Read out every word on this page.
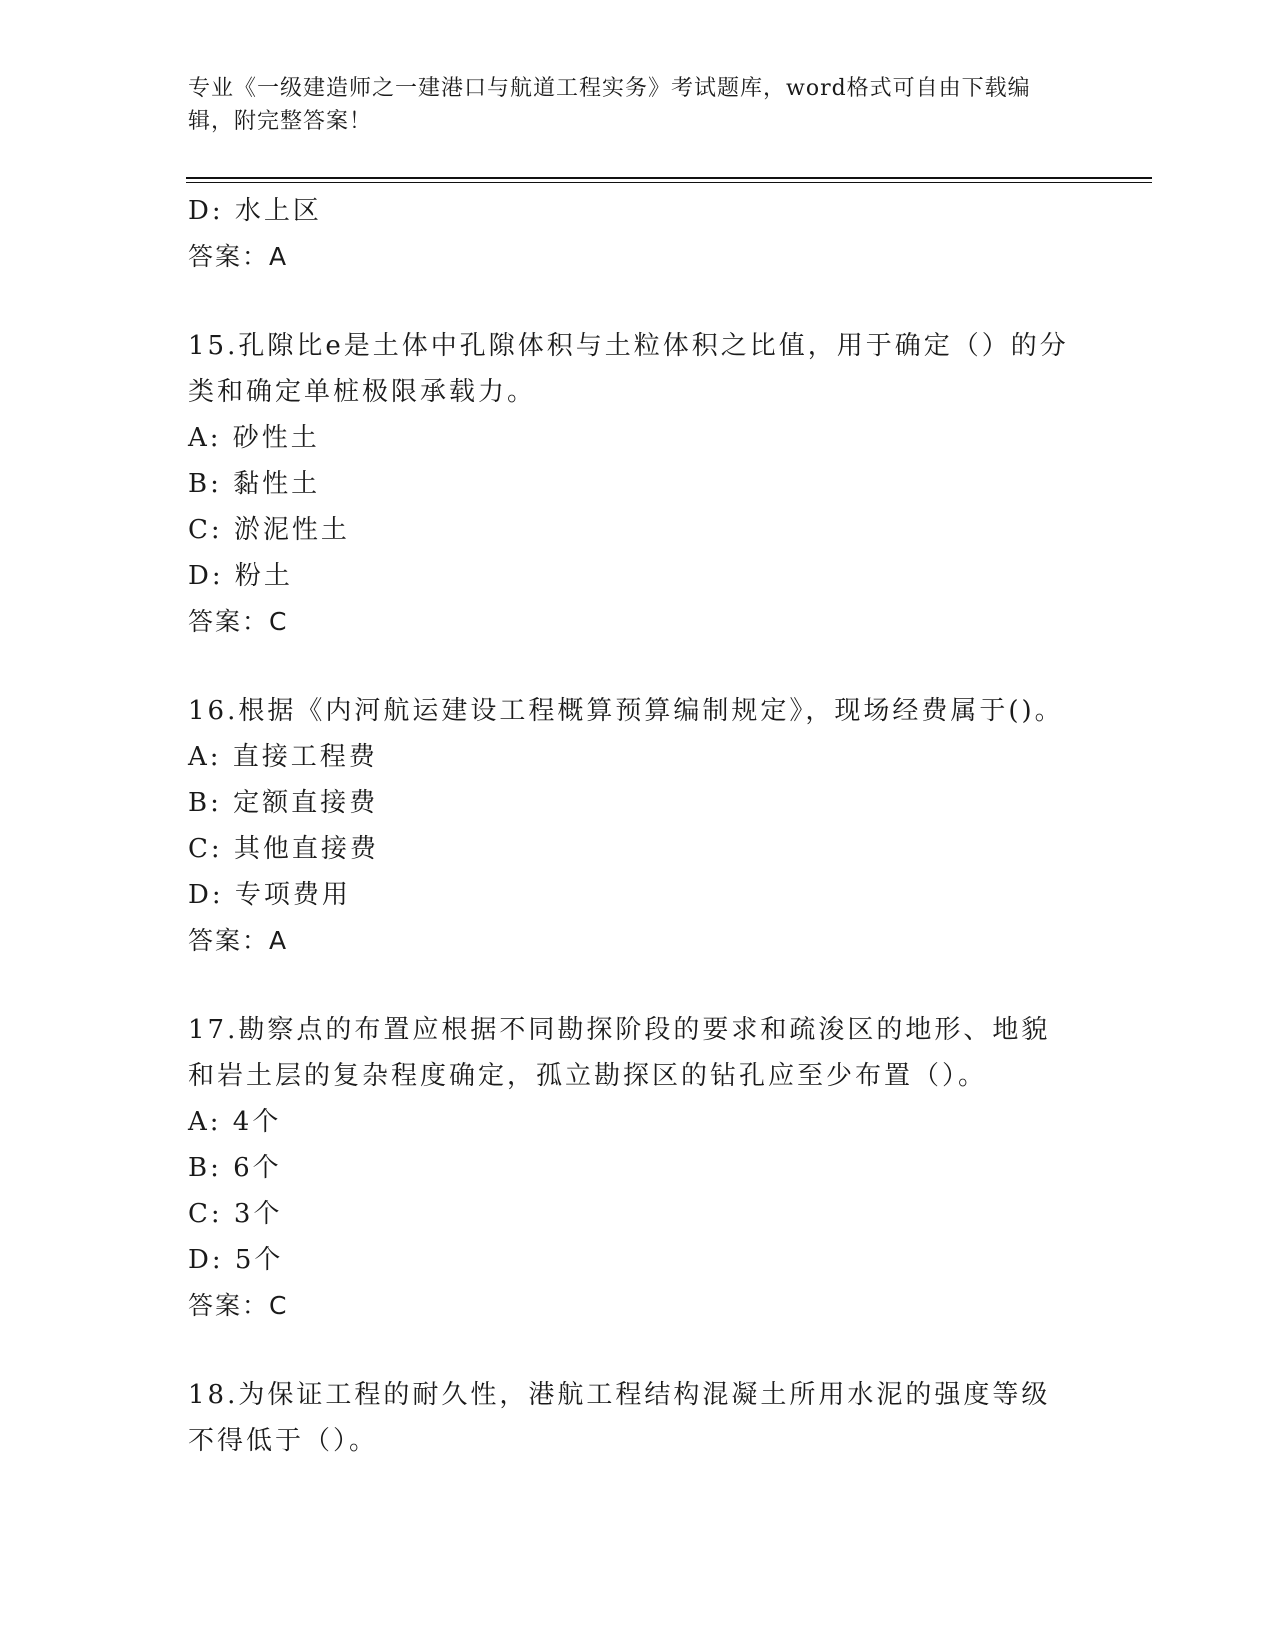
专业《一级建造师之一建港口与航道工程实务》考试题库，word格式可自由下载编辑，附完整答案！
D: 水上区
答案：A
15.孔隙比e是土体中孔隙体积与土粒体积之比值，用于确定（）的分类和确定单桩极限承载力。
A: 砂性土
B: 黏性土
C: 淤泥性土
D: 粉土
答案：C
16.根据《内河航运建设工程概算预算编制规定》，现场经费属于()。
A: 直接工程费
B: 定额直接费
C: 其他直接费
D: 专项费用
答案：A
17.勘察点的布置应根据不同勘探阶段的要求和疏浚区的地形、地貌和岩土层的复杂程度确定，孤立勘探区的钻孔应至少布置（）。
A: 4个
B: 6个
C: 3个
D: 5个
答案：C
18.为保证工程的耐久性，港航工程结构混凝土所用水泥的强度等级不得低于（）。
